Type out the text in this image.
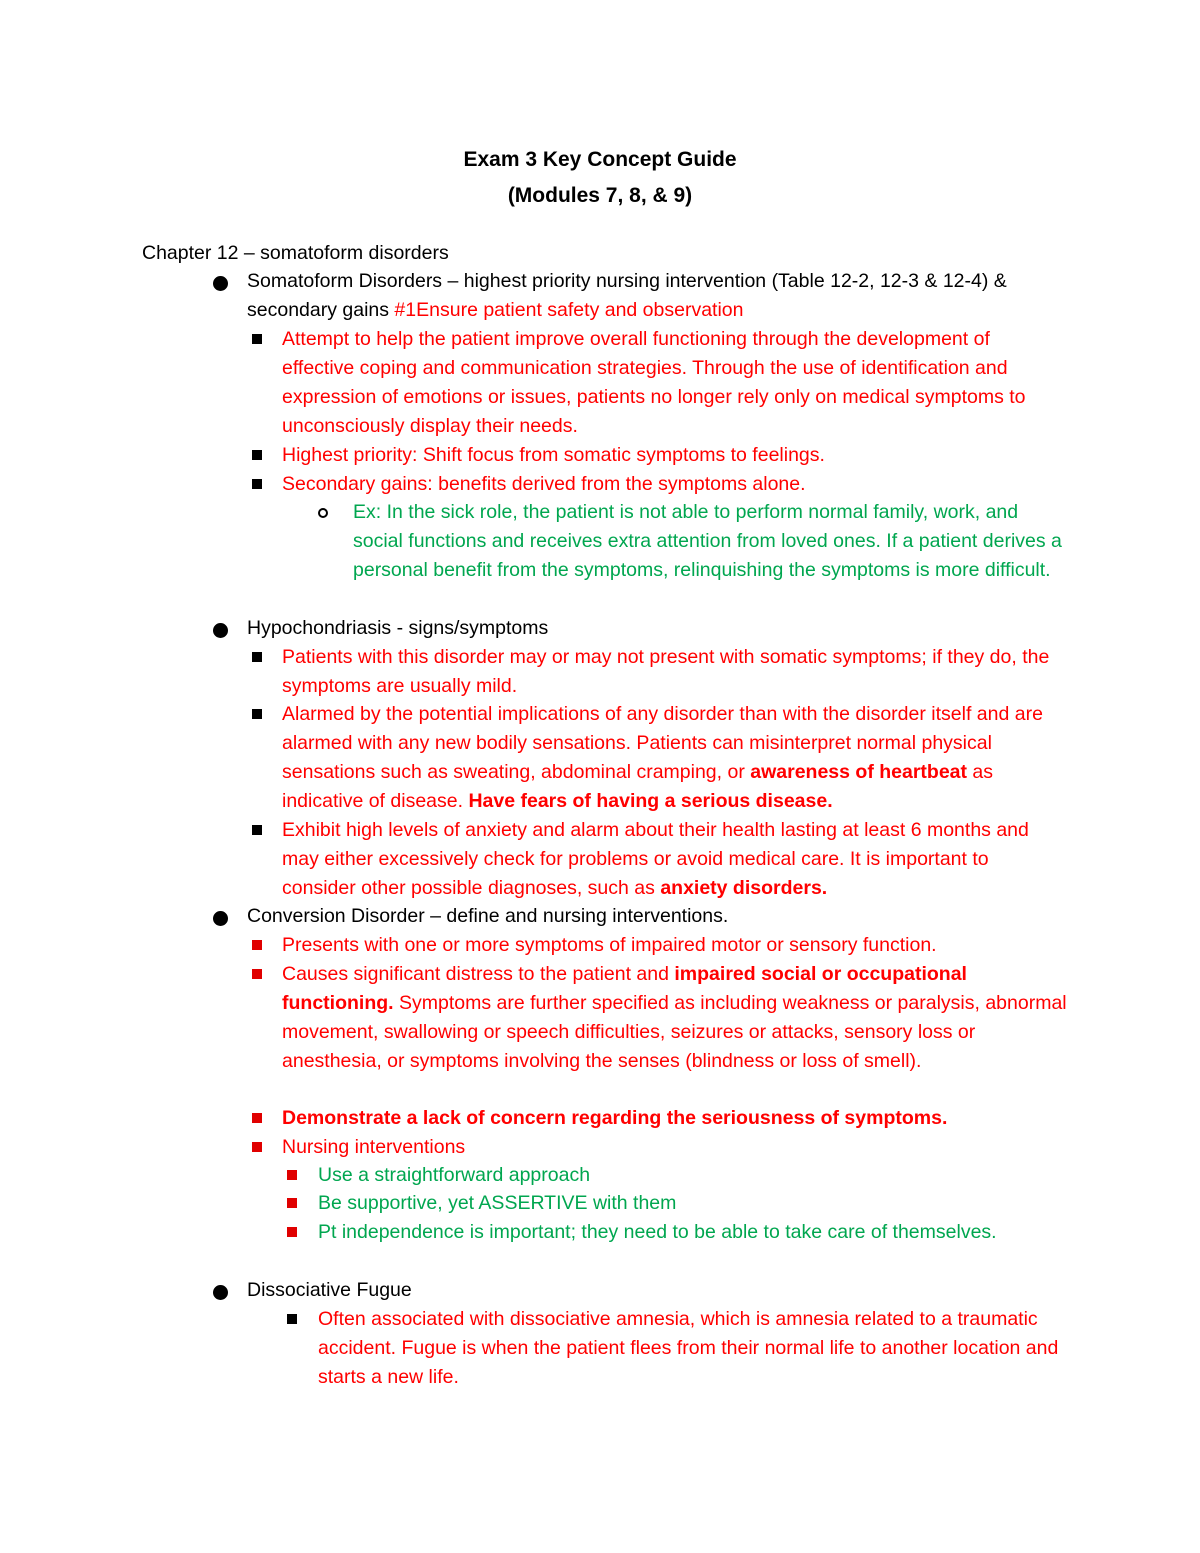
Exam 3 Key Concept Guide
(Modules 7, 8, & 9)
Chapter 12 – somatoform disorders
Somatoform Disorders – highest priority nursing intervention (Table 12-2, 12-3 & 12-4) & secondary gains #1Ensure patient safety and observation
Attempt to help the patient improve overall functioning through the development of effective coping and communication strategies. Through the use of identification and expression of emotions or issues, patients no longer rely only on medical symptoms to unconsciously display their needs.
Highest priority: Shift focus from somatic symptoms to feelings.
Secondary gains: benefits derived from the symptoms alone.
Ex: In the sick role, the patient is not able to perform normal family, work, and social functions and receives extra attention from loved ones. If a patient derives a personal benefit from the symptoms, relinquishing the symptoms is more difficult.
Hypochondriasis - signs/symptoms
Patients with this disorder may or may not present with somatic symptoms; if they do, the symptoms are usually mild.
Alarmed by the potential implications of any disorder than with the disorder itself and are alarmed with any new bodily sensations. Patients can misinterpret normal physical sensations such as sweating, abdominal cramping, or awareness of heartbeat as indicative of disease. Have fears of having a serious disease.
Exhibit high levels of anxiety and alarm about their health lasting at least 6 months and may either excessively check for problems or avoid medical care. It is important to consider other possible diagnoses, such as anxiety disorders.
Conversion Disorder – define and nursing interventions.
Presents with one or more symptoms of impaired motor or sensory function.
Causes significant distress to the patient and impaired social or occupational functioning. Symptoms are further specified as including weakness or paralysis, abnormal movement, swallowing or speech difficulties, seizures or attacks, sensory loss or anesthesia, or symptoms involving the senses (blindness or loss of smell).
Demonstrate a lack of concern regarding the seriousness of symptoms.
Nursing interventions
Use a straightforward approach
Be supportive, yet ASSERTIVE with them
Pt independence is important; they need to be able to take care of themselves.
Dissociative Fugue
Often associated with dissociative amnesia, which is amnesia related to a traumatic accident. Fugue is when the patient flees from their normal life to another location and starts a new life.
